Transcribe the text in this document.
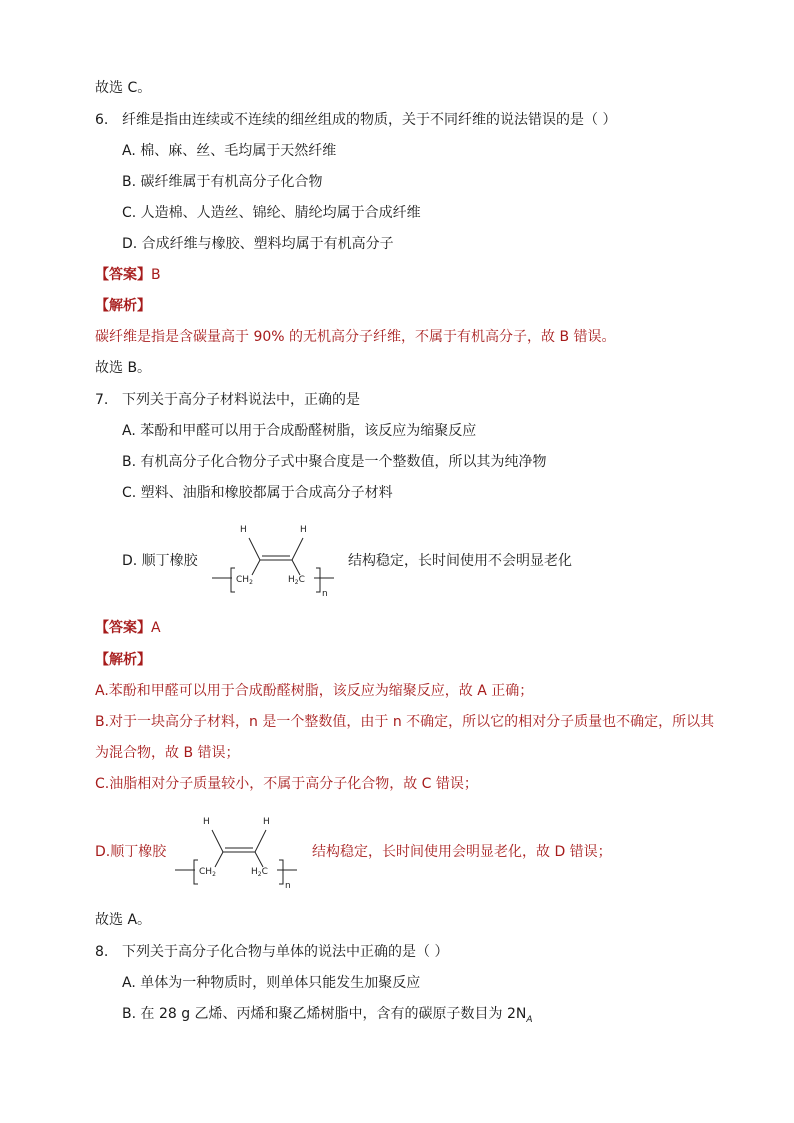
故选 C。
6. 纤维是指由连续或不连续的细丝组成的物质，关于不同纤维的说法错误的是（ ）
A. 棉、麻、丝、毛均属于天然纤维
B. 碳纤维属于有机高分子化合物
C. 人造棉、人造丝、锦纶、腈纶均属于合成纤维
D. 合成纤维与橡胶、塑料均属于有机高分子
【答案】B
【解析】
碳纤维是指是含碳量高于 90% 的无机高分子纤维，不属于有机高分子，故 B 错误。
故选 B。
7. 下列关于高分子材料说法中，正确的是
A. 苯酚和甲醛可以用于合成酚醛树脂，该反应为缩聚反应
B. 有机高分子化合物分子式中聚合度是一个整数值，所以其为纯净物
C. 塑料、油脂和橡胶都属于合成高分子材料
D. 顺丁橡胶
$CH_2$
H	H
$H_2C$
n
结构稳定，长时间使用不会明显老化
【答案】A
【解析】
A.苯酚和甲醛可以用于合成酚醛树脂，该反应为缩聚反应，故 A 正确；
B.对于一块高分子材料，n 是一个整数值，由于 n 不确定，所以它的相对分子质量也不确定，所以其
为混合物，故 B 错误；
C.油脂相对分子质量较小，不属于高分子化合物，故 C 错误；
D.顺丁橡胶
$CH_2$
H	H
$H_2C$
n
结构稳定，长时间使用会明显老化，故 D 错误；
故选 A。
8. 下列关于高分子化合物与单体的说法中正确的是（ ）
A. 单体为一种物质时，则单体只能发生加聚反应
B. 在 28 g 乙烯、丙烯和聚乙烯树脂中，含有的碳原子数目为 $2N_A$
